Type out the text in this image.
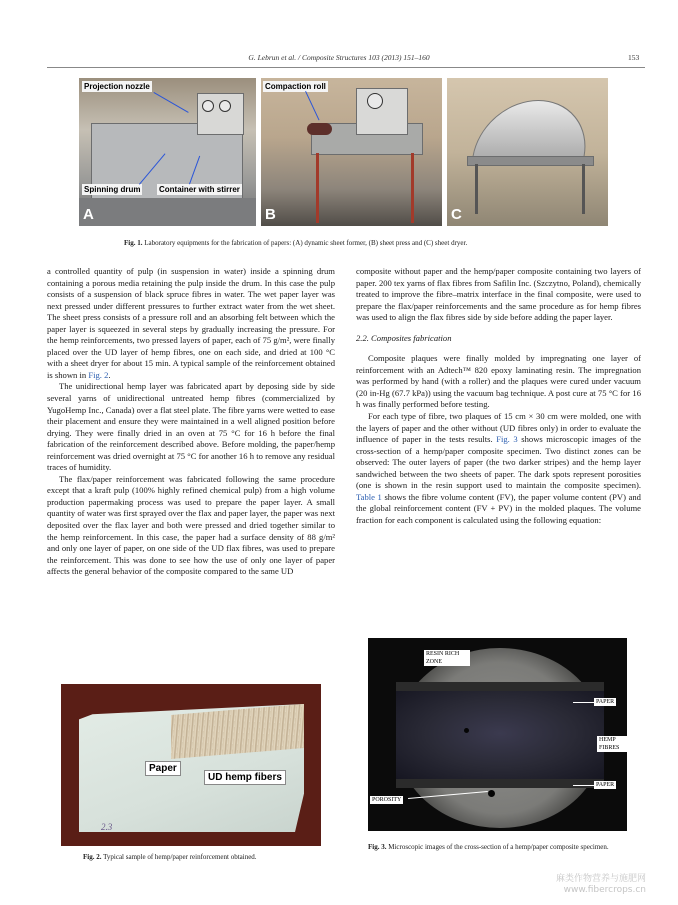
G. Lebrun et al. / Composite Structures 103 (2013) 151–160	153
Projection nozzle
Spinning drum Container with stirrer
A
Compaction roll
B	C
Fig. 1. Laboratory equipments for the fabrication of papers: (A) dynamic sheet former, (B) sheet press and (C) sheet dryer.

a controlled quantity of pulp (in suspension in water) inside a spinning drum containing a porous media retaining the pulp inside the drum. In this case the pulp consists of a suspension of black spruce fibres in water. The wet paper layer was next pressed under different pressures to further extract water from the wet sheet. The sheet press consists of a pressure roll and an absorbing felt between which the paper layer is squeezed in several steps by gradually increasing the pressure. For the hemp reinforcements, two pressed layers of paper, each of 75 g/m², were finally placed over the UD layer of hemp fibres, one on each side, and dried at 100 °C with a sheet dryer for about 15 min. A typical sample of the reinforcement obtained is shown in Fig. 2.

The unidirectional hemp layer was fabricated apart by deposing side by side several yarns of unidirectional untreated hemp fibres (commercialized by YugoHemp Inc., Canada) over a flat steel plate. The fibre yarns were wetted to ease their placement and ensure they were maintained in a well aligned position before drying. They were finally dried in an oven at 75 °C for 16 h before the final fabrication of the reinforcement described above. Before molding, the paper/hemp reinforcement was dried overnight at 75 °C for another 16 h to remove any residual traces of humidity.

The flax/paper reinforcement was fabricated following the same procedure except that a kraft pulp (100% highly refined chemical pulp) from a high volume production papermaking process was used to prepare the paper layer. A small quantity of water was first sprayed over the flax and paper layer, the paper was next deposited over the flax layer and both were pressed and dried together similar to the hemp reinforcement. In this case, the paper had a surface density of 88 g/m² and only one layer of paper, on one side of the UD flax fibres, was used to prepare the reinforcement. This was done to see how the use of only one layer of paper affects the general behavior of the composite compared to the same UD

composite without paper and the hemp/paper composite containing two layers of paper. 200 tex yarns of flax fibres from Safilin Inc. (Szczytno, Poland), chemically treated to improve the fibre–matrix interface in the final composite, were used to prepare the flax/paper reinforcements and the same procedure as for hemp fibres was used to align the flax fibres side by side before adding the paper layer.

2.2. Composites fabrication

Composite plaques were finally molded by impregnating one layer of reinforcement with an Adtech™ 820 epoxy laminating resin. The impregnation was performed by hand (with a roller) and the plaques were cured under vacuum (20 in-Hg (67.7 kPa)) using the vacuum bag technique. A post cure at 75 °C for 16 h was finally performed before testing.

For each type of fibre, two plaques of 15 cm × 30 cm were molded, one with the layers of paper and the other without (UD fibres only) in order to evaluate the influence of paper in the tests results. Fig. 3 shows microscopic images of the cross-section of a hemp/paper composite specimen. Two distinct zones can be observed: The outer layers of paper (the two darker stripes) and the hemp layer sandwiched between the two sheets of paper. The dark spots represent porosities (one is shown in the resin support used to maintain the composite specimen). Table 1 shows the fibre volume content (FV), the paper volume content (PV) and the global reinforcement content (FV + PV) in the molded plaques. The volume fraction for each component is calculated using the following equation:

Paper
UD hemp fibers
2.3
Fig. 2. Typical sample of hemp/paper reinforcement obtained.
RESIN RICH ZONE
PAPER
HEMP FIBRES
PAPER
POROSITY
Fig. 3. Microscopic images of the cross-section of a hemp/paper composite specimen.
麻类作物营养与施肥网
www.fibercrops.cn
